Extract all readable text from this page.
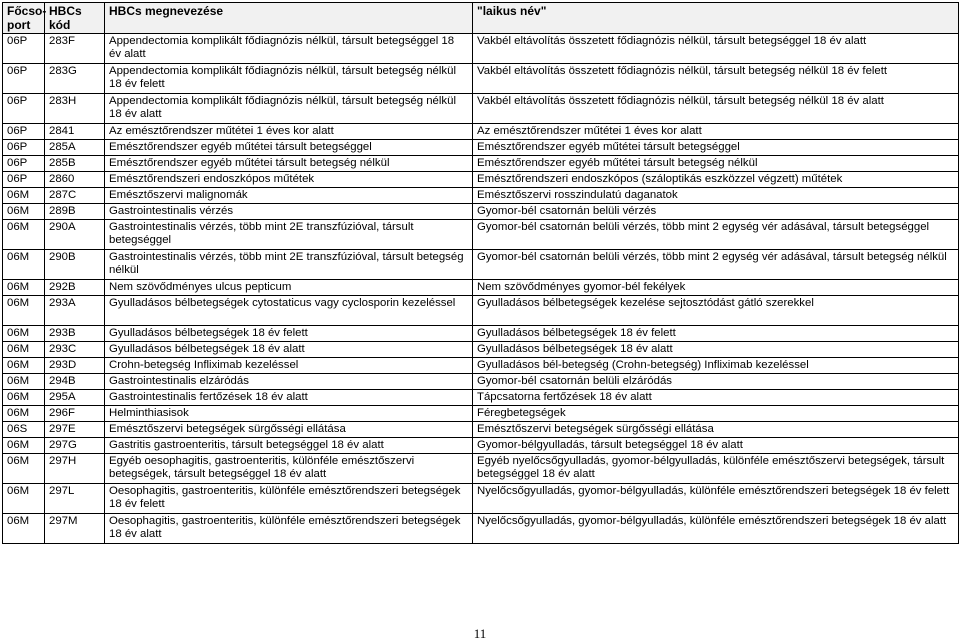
Főcso-port	HBCs kód	HBCs megnevezése	"laikus név"
06P	283F	Appendectomia komplikált fődiagnózis nélkül, társult betegséggel 18 év alatt	Vakbél eltávolítás összetett fődiagnózis nélkül, társult betegséggel 18 év alatt
06P	283G	Appendectomia komplikált fődiagnózis nélkül, társult betegség nélkül 18 év felett	Vakbél eltávolítás összetett fődiagnózis nélkül, társult betegség nélkül 18 év felett
06P	283H	Appendectomia komplikált fődiagnózis nélkül, társult betegség nélkül 18 év alatt	Vakbél eltávolítás összetett fődiagnózis nélkül, társult betegség nélkül 18 év alatt
06P	2841	Az emésztőrendszer műtétei 1 éves kor alatt	Az emésztőrendszer műtétei 1 éves kor alatt
06P	285A	Emésztőrendszer egyéb műtétei társult betegséggel	Emésztőrendszer egyéb műtétei társult betegséggel
06P	285B	Emésztőrendszer egyéb műtétei társult betegség nélkül	Emésztőrendszer egyéb műtétei társult betegség nélkül
06P	2860	Emésztőrendszeri endoszkópos műtétek	Emésztőrendszeri endoszkópos (száloptikás eszközzel végzett) műtétek
06M	287C	Emésztőszervi malignomák	Emésztőszervi rosszindulatú daganatok
06M	289B	Gastrointestinalis vérzés	Gyomor-bél csatornán belüli vérzés
06M	290A	Gastrointestinalis vérzés, több mint 2E transzfúzióval, társult betegséggel	Gyomor-bél csatornán belüli vérzés, több mint 2 egység vér adásával, társult betegséggel
06M	290B	Gastrointestinalis vérzés, több mint 2E transzfúzióval, társult betegség nélkül	Gyomor-bél csatornán belüli vérzés, több mint 2 egység vér adásával, társult betegség nélkül
06M	292B	Nem szövődményes ulcus pepticum	Nem szövődményes gyomor-bél fekélyek
06M	293A	Gyulladásos bélbetegségek cytostaticus vagy cyclosporin kezeléssel	Gyulladásos bélbetegségek kezelése sejtosztódást gátló szerekkel
06M	293B	Gyulladásos bélbetegségek 18 év felett	Gyulladásos bélbetegségek 18 év felett
06M	293C	Gyulladásos bélbetegségek 18 év alatt	Gyulladásos bélbetegségek 18 év alatt
06M	293D	Crohn-betegség Infliximab kezeléssel	Gyulladásos bél-betegség (Crohn-betegség) Infliximab kezeléssel
06M	294B	Gastrointestinalis elzáródás	Gyomor-bél csatornán belüli elzáródás
06M	295A	Gastrointestinalis fertőzések 18 év alatt	Tápcsatorna fertőzések 18 év alatt
06M	296F	Helminthiasisok	Féregbetegségek
06S	297E	Emésztőszervi betegségek sürgősségi ellátása	Emésztőszervi betegségek sürgősségi ellátása
06M	297G	Gastritis gastroenteritis, társult betegséggel 18 év alatt	Gyomor-bélgyulladás, társult betegséggel 18 év alatt
06M	297H	Egyéb oesophagitis, gastroenteritis, különféle emésztőszervi betegségek, társult betegséggel 18 év alatt	Egyéb nyelőcsőgyulladás, gyomor-bélgyulladás, különféle emésztőszervi betegségek, társult betegséggel 18 év alatt
06M	297L	Oesophagitis, gastroenteritis, különféle emésztőrendszeri betegségek 18 év felett	Nyelőcsőgyulladás, gyomor-bélgyulladás, különféle emésztőrendszeri betegségek 18 év felett
06M	297M	Oesophagitis, gastroenteritis, különféle emésztőrendszeri betegségek 18 év alatt	Nyelőcsőgyulladás, gyomor-bélgyulladás, különféle emésztőrendszeri betegségek 18 év alatt
11
